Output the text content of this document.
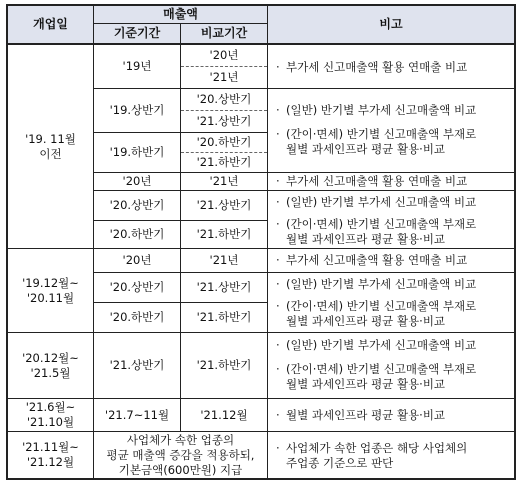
개업일
매출액
기준기간	비교기간
비고
'19. 11월
이전
'19.12월~
'20.11월
'20.12월~
'21.5월
'21.6월~
'21.10월
'21.11월~
'21.12월
'19년
'19.상반기
'19.하반기
'20년
'20.상반기
'20.하반기
'20년
'20.상반기
'20.하반기
'21.상반기
'21.7~11월
사업체가 속한 업종의
평균 매출액 증감을 적용하되,
기본금액(600만원) 지급
'20년
'21년
'20.상반기
'21.상반기
'20.하반기
'21.하반기
'21년
'21.상반기
'21.하반기
'21년
'21.상반기
'21.하반기
'21.하반기
'21.12월
· 부가세 신고매출액 활용 연매출 비교
· (일반) 반기별 부가세 신고매출액 비교
· (간이·면세) 반기별 신고매출액 부재로
월별 과세인프라 평균 활용·비교
· 부가세 신고매출액 활용 연매출 비교
· (일반) 반기별 부가세 신고매출액 비교
· (간이·면세) 반기별 신고매출액 부재로
월별 과세인프라 평균 활용·비교
· 부가세 신고매출액 활용 연매출 비교
· (일반) 반기별 부가세 신고매출액 비교
· (간이·면세) 반기별 신고매출액 부재로
월별 과세인프라 평균 활용·비교
· (일반) 반기별 부가세 신고매출액 비교
· (간이·면세) 반기별 신고매출액 부재로
월별 과세인프라 평균 활용·비교
· 월별 과세인프라 평균 활용·비교
· 사업체가 속한 업종은 해당 사업체의
주업종 기준으로 판단
